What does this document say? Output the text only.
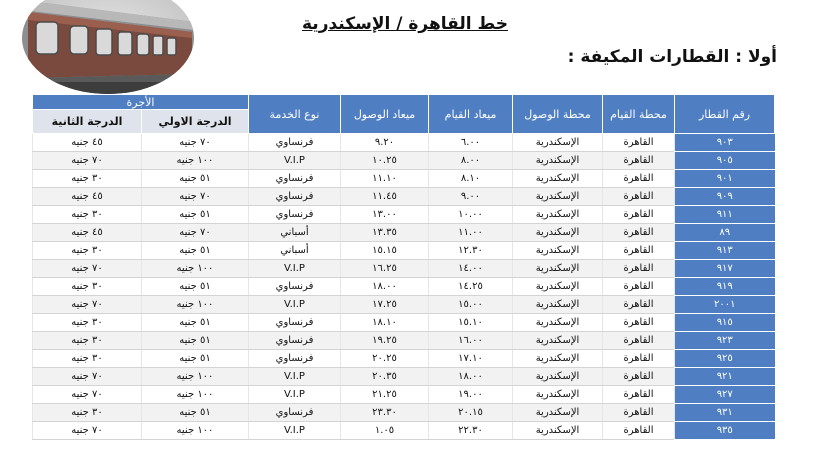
خط القاهرة / الإسكندرية
أولا : القطارات المكيفة :
رقم القطار	محطة القيام	محطة الوصول	ميعاد القيام	ميعاد الوصول	نوع الخدمة	الأجرة	
						الدرجة الاولي	الدرجة الثانية
٩٠٣	القاهرة	الإسكندرية	٦.٠٠	٩.٢٠	فرنساوي	٧٠ جنيه	٤٥ جنيه
٩٠٥	القاهرة	الإسكندرية	٨.٠٠	١٠.٢٥	V.I.P	١٠٠ جنيه	٧٠ جنيه
٩٠١	القاهرة	الإسكندرية	٨.١٠	١١.١٠	فرنساوي	٥١ جنيه	٣٠ جنيه
٩٠٩	القاهرة	الإسكندرية	٩.٠٠	١١.٤٥	فرنساوي	٧٠ جنيه	٤٥ جنيه
٩١١	القاهرة	الإسكندرية	١٠.٠٠	١٣.٠٠	فرنساوي	٥١ جنيه	٣٠ جنيه
٨٩	القاهرة	الإسكندرية	١١.٠٠	١٣.٣٥	أسباني	٧٠ جنيه	٤٥ جنيه
٩١٣	القاهرة	الإسكندرية	١٢.٣٠	١٥.١٥	أسباني	٥١ جنيه	٣٠ جنيه
٩١٧	القاهرة	الإسكندرية	١٤.٠٠	١٦.٢٥	V.I.P	١٠٠ جنيه	٧٠ جنيه
٩١٩	القاهرة	الإسكندرية	١٤.٢٥	١٨.٠٠	فرنساوي	٥١ جنيه	٣٠ جنيه
٢٠٠١	القاهرة	الإسكندرية	١٥.٠٠	١٧.٢٥	V.I.P	١٠٠ جنيه	٧٠ جنيه
٩١٥	القاهرة	الإسكندرية	١٥.١٠	١٨.١٠	فرنساوي	٥١ جنيه	٣٠ جنيه
٩٢٣	القاهرة	الإسكندرية	١٦.٠٠	١٩.٢٥	فرنساوي	٥١ جنيه	٣٠ جنيه
٩٢٥	القاهرة	الإسكندرية	١٧.١٠	٢٠.٢٥	فرنساوي	٥١ جنيه	٣٠ جنيه
٩٢١	القاهرة	الإسكندرية	١٨.٠٠	٢٠.٣٥	V.I.P	١٠٠ جنيه	٧٠ جنيه
٩٢٧	القاهرة	الإسكندرية	١٩.٠٠	٢١.٢٥	V.I.P	١٠٠ جنيه	٧٠ جنيه
٩٣١	القاهرة	الإسكندرية	٢٠.١٥	٢٣.٣٠	فرنساوي	٥١ جنيه	٣٠ جنيه
٩٣٥	القاهرة	الإسكندرية	٢٢.٣٠	١.٠٥	V.I.P	١٠٠ جنيه	٧٠ جنيه
